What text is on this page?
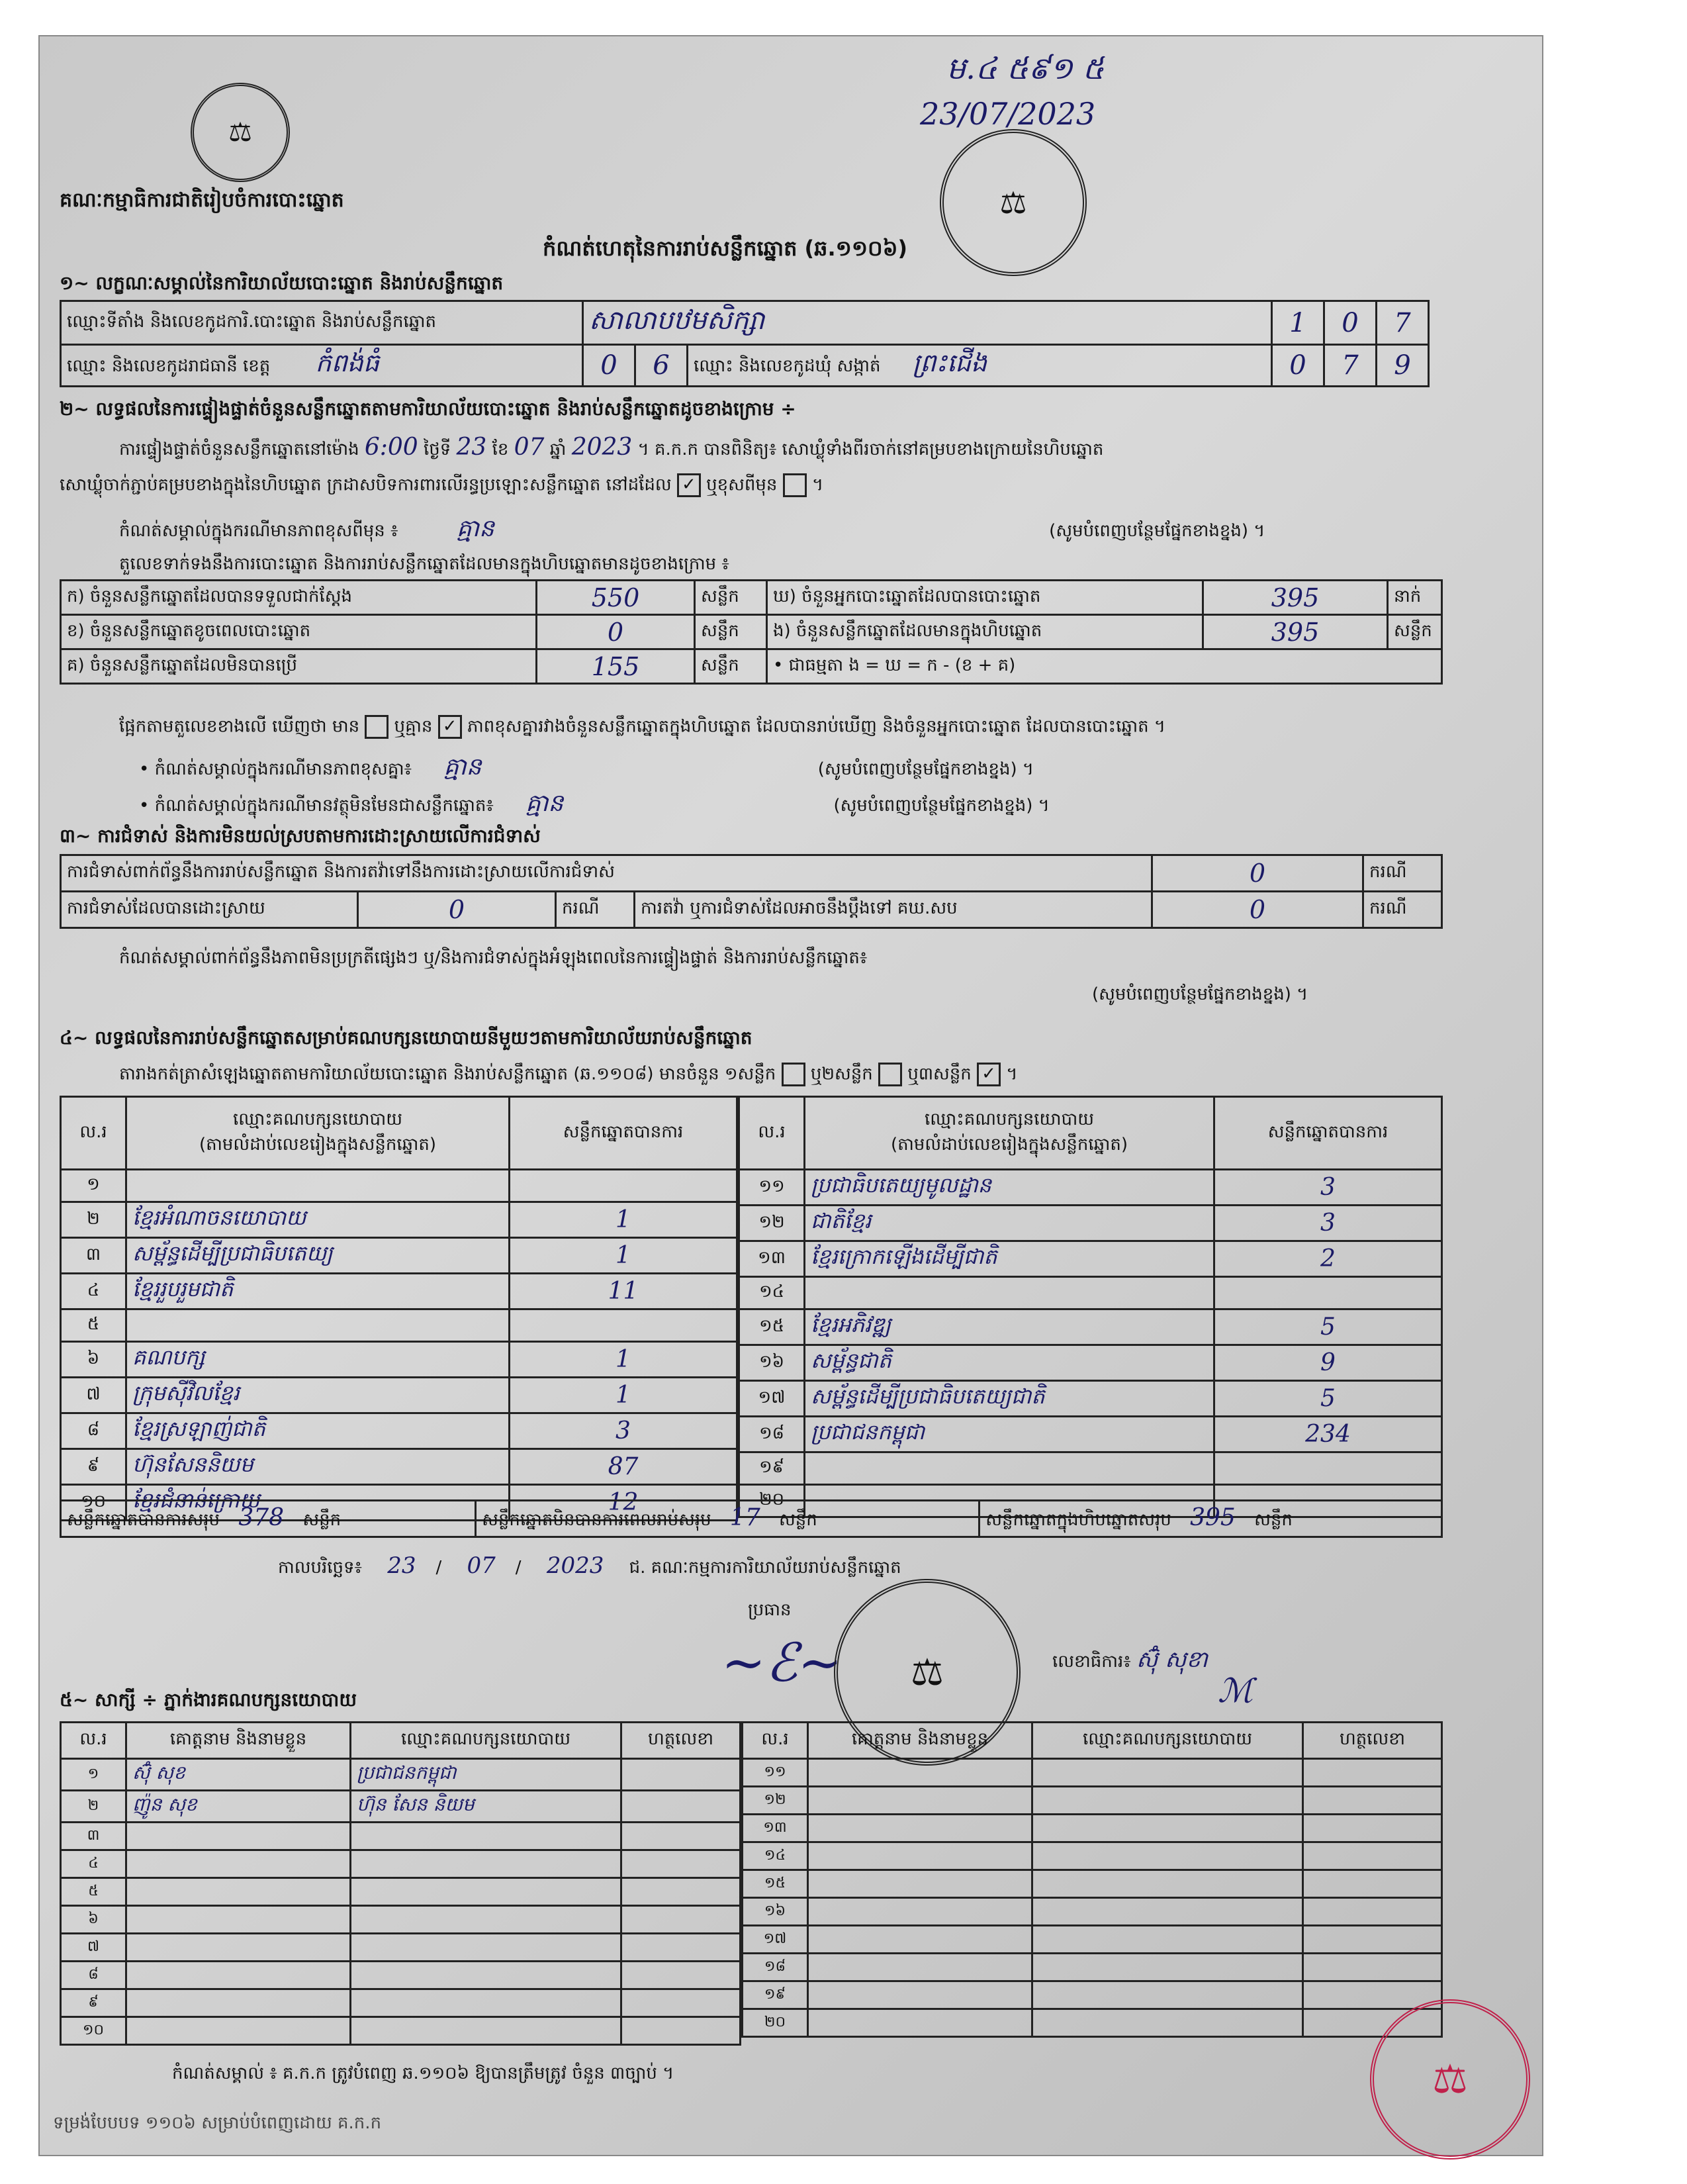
⚖
គណៈកម្មាធិការជាតិរៀបចំការបោះឆ្នោត
ម.៤ ៥៩១ ៥
23/07/2023
⚖
កំណត់ហេតុនៃការរាប់សន្លឹកឆ្នោត (ឆ.១១០៦)
១~ លក្ខណៈសម្គាល់នៃការិយាល័យបោះឆ្នោត និងរាប់សន្លឹកឆ្នោត
ឈ្មោះទីតាំង និងលេខកូដការិ.បោះឆ្នោត និងរាប់សន្លឹកឆ្នោត	សាលាបឋមសិក្សា			1	0	7
ឈ្មោះ និងលេខកូដរាជធានី ខេត្ត កំពង់ធំ	0	6	ឈ្មោះ និងលេខកូដឃុំ សង្កាត់ ព្រះជើង	0	7	9
២~ លទ្ធផលនៃការផ្ទៀងផ្ទាត់ចំនួនសន្លឹកឆ្នោតតាមការិយាល័យបោះឆ្នោត និងរាប់សន្លឹកឆ្នោតដូចខាងក្រោម ÷
ការផ្ទៀងផ្ទាត់ចំនួនសន្លឹកឆ្នោតនៅម៉ោង 6:00 ថ្ងៃទី 23 ខែ 07 ឆ្នាំ 2023 ។ គ.ក.ក បានពិនិត្យ៖ សោឃ្លុំទាំងពីរចាក់នៅគម្របខាងក្រោយនៃហិបឆ្នោត
សោឃ្លុំចាក់ភ្ជាប់គម្របខាងក្នុងនៃហិបឆ្នោត ក្រដាសបិទការពារលើរន្ធប្រឡោះសន្លឹកឆ្នោត នៅដដែល ✓ ឬខុសពីមុន ។
កំណត់សម្គាល់ក្នុងករណីមានភាពខុសពីមុន ៖ គ្មាន	(សូមបំពេញបន្ថែមផ្នែកខាងខ្នង) ។
តួលេខទាក់ទងនឹងការបោះឆ្នោត និងការរាប់សន្លឹកឆ្នោតដែលមានក្នុងហិបឆ្នោតមានដូចខាងក្រោម ៖
ក) ចំនួនសន្លឹកឆ្នោតដែលបានទទួលជាក់ស្តែង	550	សន្លឹក	ឃ) ចំនួនអ្នកបោះឆ្នោតដែលបានបោះឆ្នោត	395	នាក់
ខ) ចំនួនសន្លឹកឆ្នោតខូចពេលបោះឆ្នោត	0	សន្លឹក	ង) ចំនួនសន្លឹកឆ្នោតដែលមានក្នុងហិបឆ្នោត	395	សន្លឹក
គ) ចំនួនសន្លឹកឆ្នោតដែលមិនបានប្រើ	155	សន្លឹក	• ជាធម្មតា ង = ឃ = ក - (ខ + គ)		
ផ្អែកតាមតួលេខខាងលើ ឃើញថា មាន ឬគ្មាន ✓ ភាពខុសគ្នារវាងចំនួនសន្លឹកឆ្នោតក្នុងហិបឆ្នោត ដែលបានរាប់ឃើញ និងចំនួនអ្នកបោះឆ្នោត ដែលបានបោះឆ្នោត ។
• កំណត់សម្គាល់ក្នុងករណីមានភាពខុសគ្នា៖ គ្មាន	(សូមបំពេញបន្ថែមផ្នែកខាងខ្នង) ។
• កំណត់សម្គាល់ក្នុងករណីមានវត្ថុមិនមែនជាសន្លឹកឆ្នោត៖ គ្មាន	(សូមបំពេញបន្ថែមផ្នែកខាងខ្នង) ។
៣~ ការជំទាស់ និងការមិនយល់ស្របតាមការដោះស្រាយលើការជំទាស់
ការជំទាស់ពាក់ព័ន្ធនឹងការរាប់សន្លឹកឆ្នោត និងការតវ៉ាទៅនឹងការដោះស្រាយលើការជំទាស់				0	ករណី
ការជំទាស់ដែលបានដោះស្រាយ	0	ករណី	ការតវ៉ា ឬការជំទាស់ដែលអាចនឹងប្តឹងទៅ គឃ.សប	0	ករណី
កំណត់សម្គាល់ពាក់ព័ន្ធនឹងភាពមិនប្រក្រតីផ្សេងៗ ឬ/និងការជំទាស់ក្នុងអំឡុងពេលនៃការផ្ទៀងផ្ទាត់ និងការរាប់សន្លឹកឆ្នោត៖
(សូមបំពេញបន្ថែមផ្នែកខាងខ្នង) ។
៤~ លទ្ធផលនៃការរាប់សន្លឹកឆ្នោតសម្រាប់គណបក្សនយោបាយនីមួយៗតាមការិយាល័យរាប់សន្លឹកឆ្នោត
តារាងកត់ត្រាសំឡេងឆ្នោតតាមការិយាល័យបោះឆ្នោត និងរាប់សន្លឹកឆ្នោត (ឆ.១១០៨) មានចំនួន ១សន្លឹក ឬ២សន្លឹក ឬ៣សន្លឹក ✓ ។
ល.រ	ឈ្មោះគណបក្សនយោបាយ
(តាមលំដាប់លេខរៀងក្នុងសន្លឹកឆ្នោត)	សន្លឹកឆ្នោតបានការ
១		
២	ខ្មែរអំណាចនយោបាយ	1
៣	សម្ព័ន្ធដើម្បីប្រជាធិបតេយ្យ	1
៤	ខ្មែររួបរួមជាតិ	11
៥		
៦	គណបក្ស	1
៧	ក្រុមស៊ីវិលខ្មែរ	1
៨	ខ្មែរស្រឡាញ់ជាតិ	3
៩	ហ៊ុនសែននិយម	87
១០	ខ្មែរជំនាន់ក្រោយ	12
ល.រ	ឈ្មោះគណបក្សនយោបាយ
(តាមលំដាប់លេខរៀងក្នុងសន្លឹកឆ្នោត)	សន្លឹកឆ្នោតបានការ
១១	ប្រជាធិបតេយ្យមូលដ្ឋាន	3
១២	ជាតិខ្មែរ	3
១៣	ខ្មែរក្រោកឡើងដើម្បីជាតិ	2
១៤		
១៥	ខ្មែរអភិវឌ្ឍ	5
១៦	សម្ព័ន្ធជាតិ	9
១៧	សម្ព័ន្ធដើម្បីប្រជាធិបតេយ្យជាតិ	5
១៨	ប្រជាជនកម្ពុជា	234
១៩		
២០		
សន្លឹកឆ្នោតបានការសរុប 378 សន្លឹក	សន្លឹកឆ្នោតមិនបានការពេលរាប់សរុប 17 សន្លឹក	សន្លឹកឆ្នោតក្នុងហិបឆ្នោតសរុប 395 សន្លឹក
កាលបរិច្ឆេទ៖ 23 / 07 / 2023 ជ. គណៈកម្មការការិយាល័យរាប់សន្លឹកឆ្នោត
ប្រធាន
~ℰ~	⚖	លេខាធិការ៖ ស៊ុំ សុខា
ℳ
៥~ សាក្សី ÷ ភ្នាក់ងារគណបក្សនយោបាយ
ល.រ	គោត្តនាម និងនាមខ្លួន	ឈ្មោះគណបក្សនយោបាយ	ហត្ថលេខា
១	ស៊ុំ សុខ	ប្រជាជនកម្ពុជា	
២	ញ៉ូន សុខ	ហ៊ុន សែន និយម	
៣			
៤			
៥			
៦			
៧			
៨			
៩			
១០			
ល.រ	គោត្តនាម និងនាមខ្លួន	ឈ្មោះគណបក្សនយោបាយ	ហត្ថលេខា
១១			
១២			
១៣			
១៤			
១៥			
១៦			
១៧			
១៨			
១៩			
២០			
កំណត់សម្គាល់ ៖ គ.ក.ក ត្រូវបំពេញ ឆ.១១០៦ ឱ្យបានត្រឹមត្រូវ ចំនួន ៣ច្បាប់ ។
ទម្រង់បែបបទ ១១០៦ សម្រាប់បំពេញដោយ គ.ក.ក
⚖
